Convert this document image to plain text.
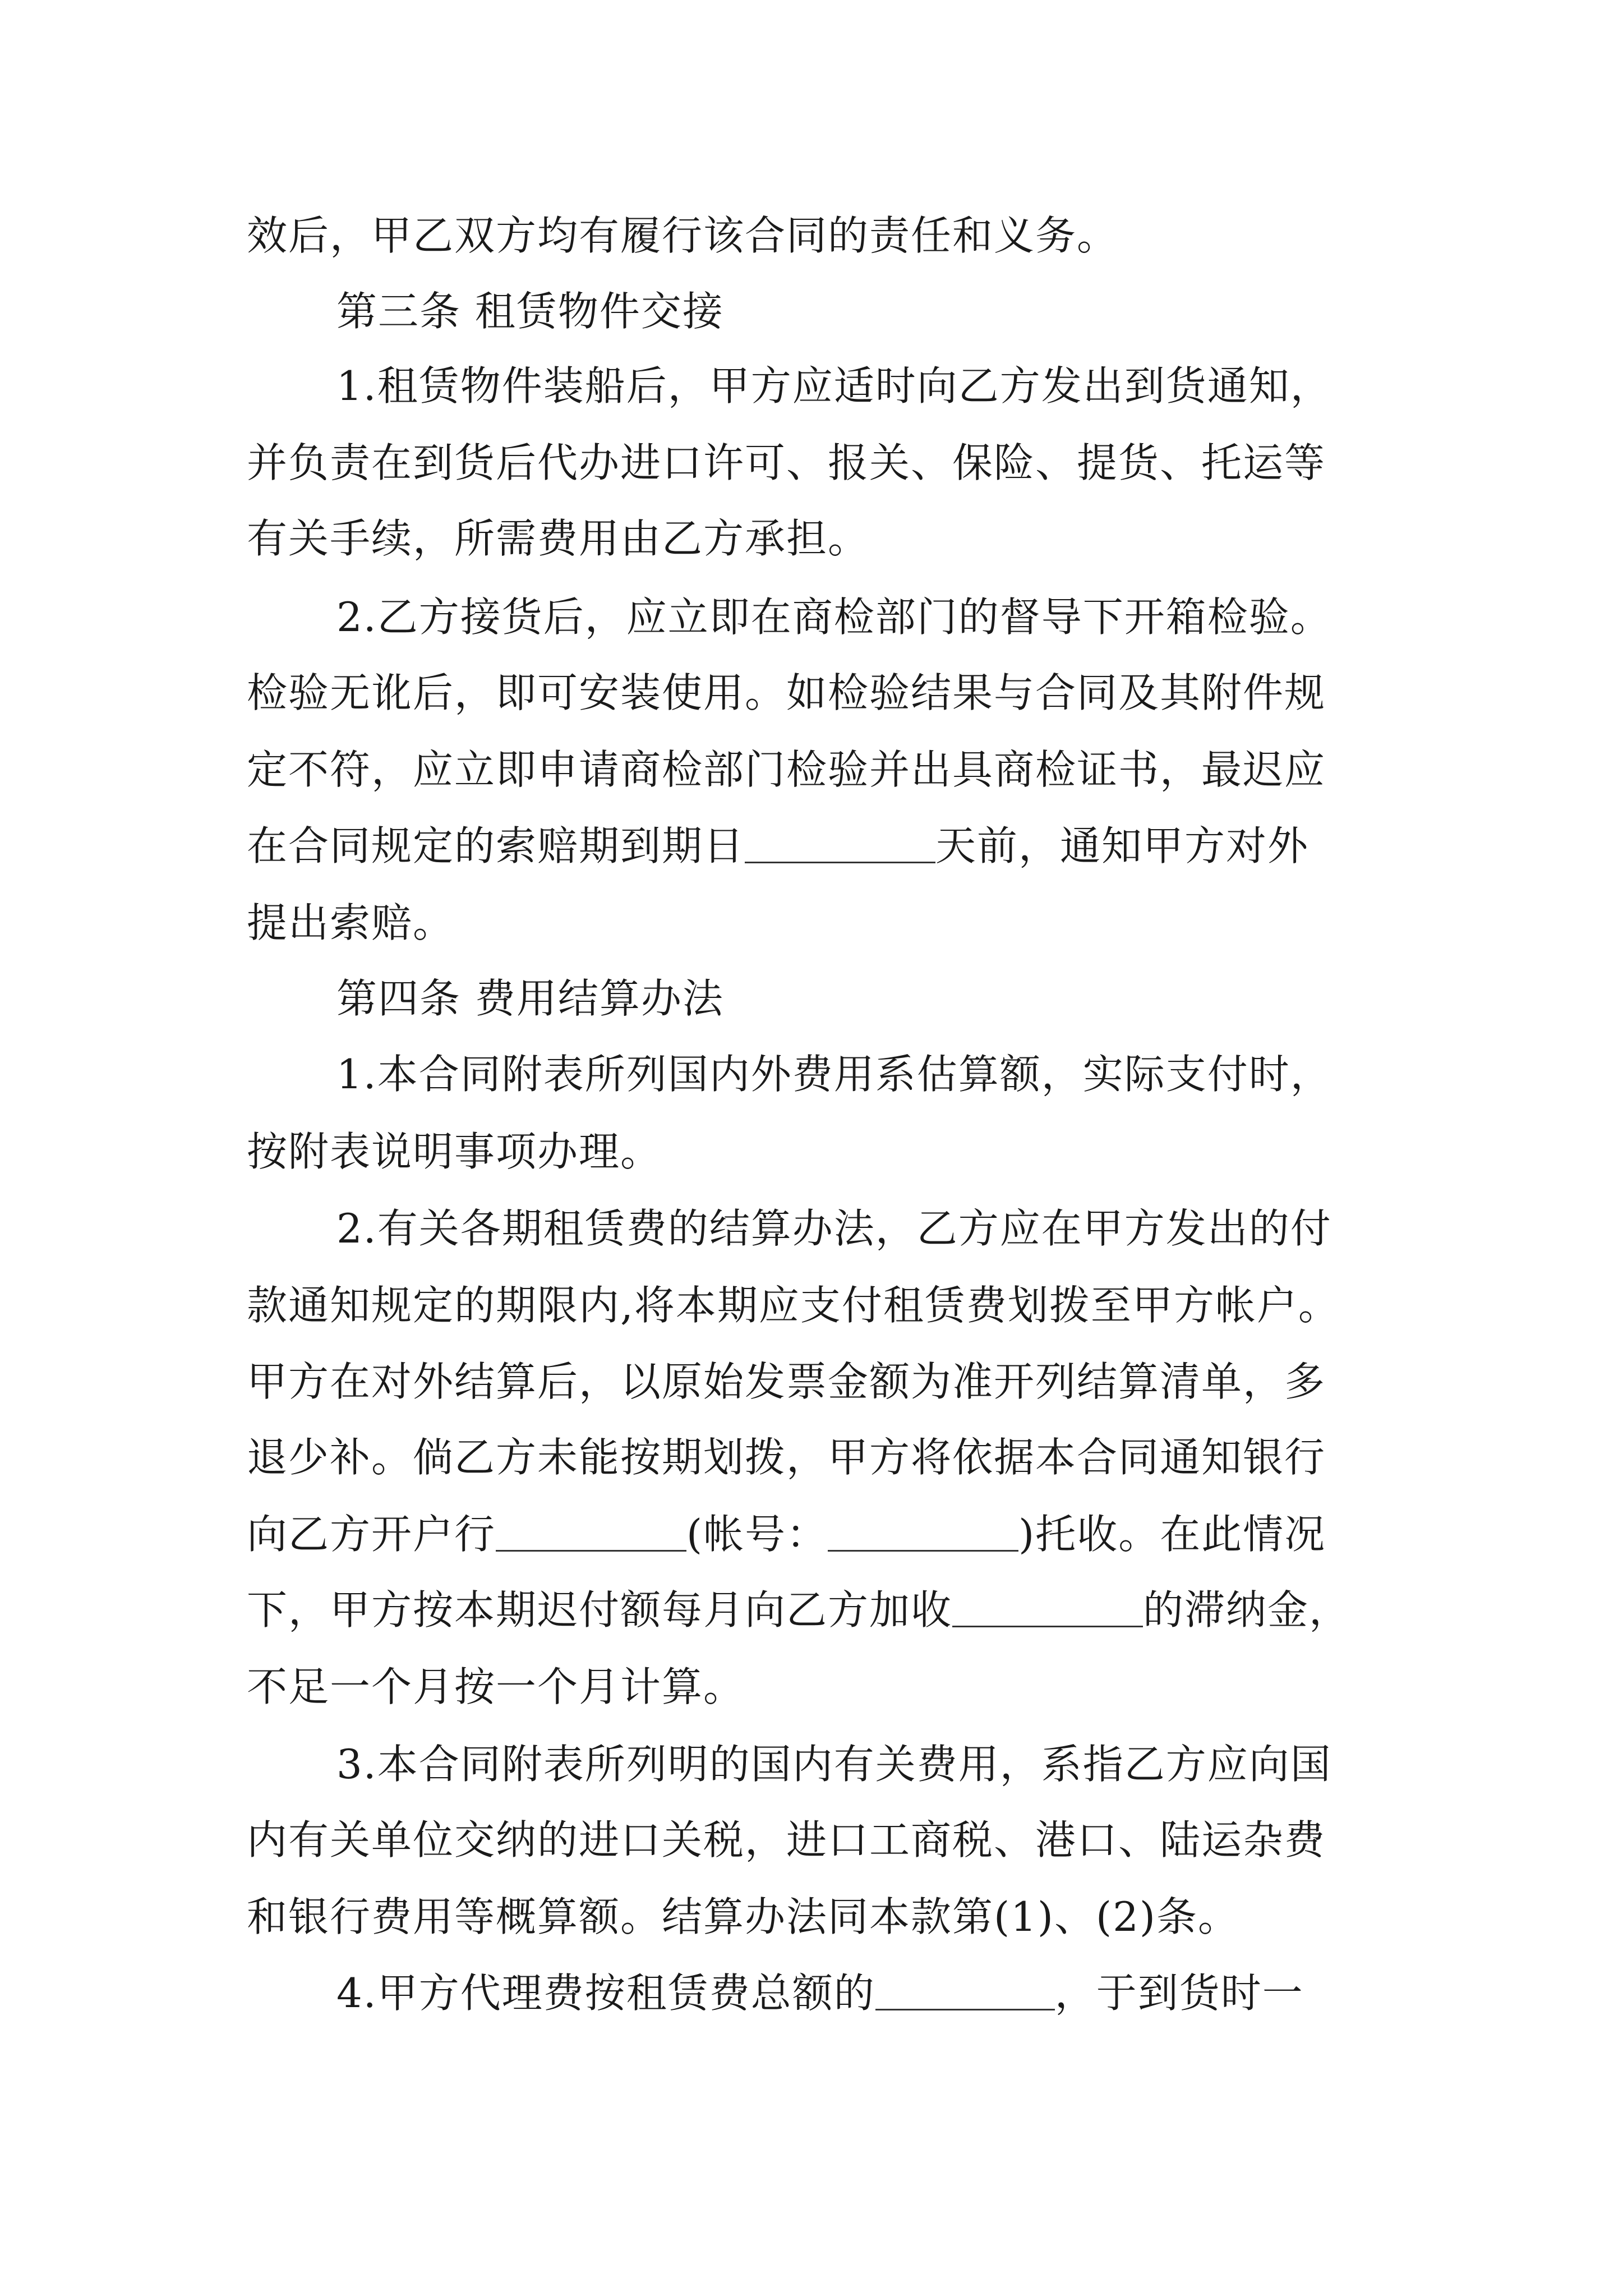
效后，甲乙双方均有履行该合同的责任和义务。
第三条 租赁物件交接
1.租赁物件装船后，甲方应适时向乙方发出到货通知，
并负责在到货后代办进口许可、报关、保险、提货、托运等
有关手续，所需费用由乙方承担。
2.乙方接货后，应立即在商检部门的督导下开箱检验。
检验无讹后，即可安装使用。如检验结果与合同及其附件规
定不符，应立即申请商检部门检验并出具商检证书，最迟应
在合同规定的索赔期到期日	天前，通知甲方对外
提出索赔。
第四条 费用结算办法
1.本合同附表所列国内外费用系估算额，实际支付时，
按附表说明事项办理。
2.有关各期租赁费的结算办法，乙方应在甲方发出的付
款通知规定的期限内,将本期应支付租赁费划拨至甲方帐户。
甲方在对外结算后，以原始发票金额为准开列结算清单，多
退少补。倘乙方未能按期划拨，甲方将依据本合同通知银行
向乙方开户行	(帐号：	)托收。在此情况
下，甲方按本期迟付额每月向乙方加收	的滞纳金，
不足一个月按一个月计算。
3.本合同附表所列明的国内有关费用，系指乙方应向国
内有关单位交纳的进口关税，进口工商税、港口、陆运杂费
和银行费用等概算额。结算办法同本款第(1)、(2)条。
4.甲方代理费按租赁费总额的	，于到货时一
